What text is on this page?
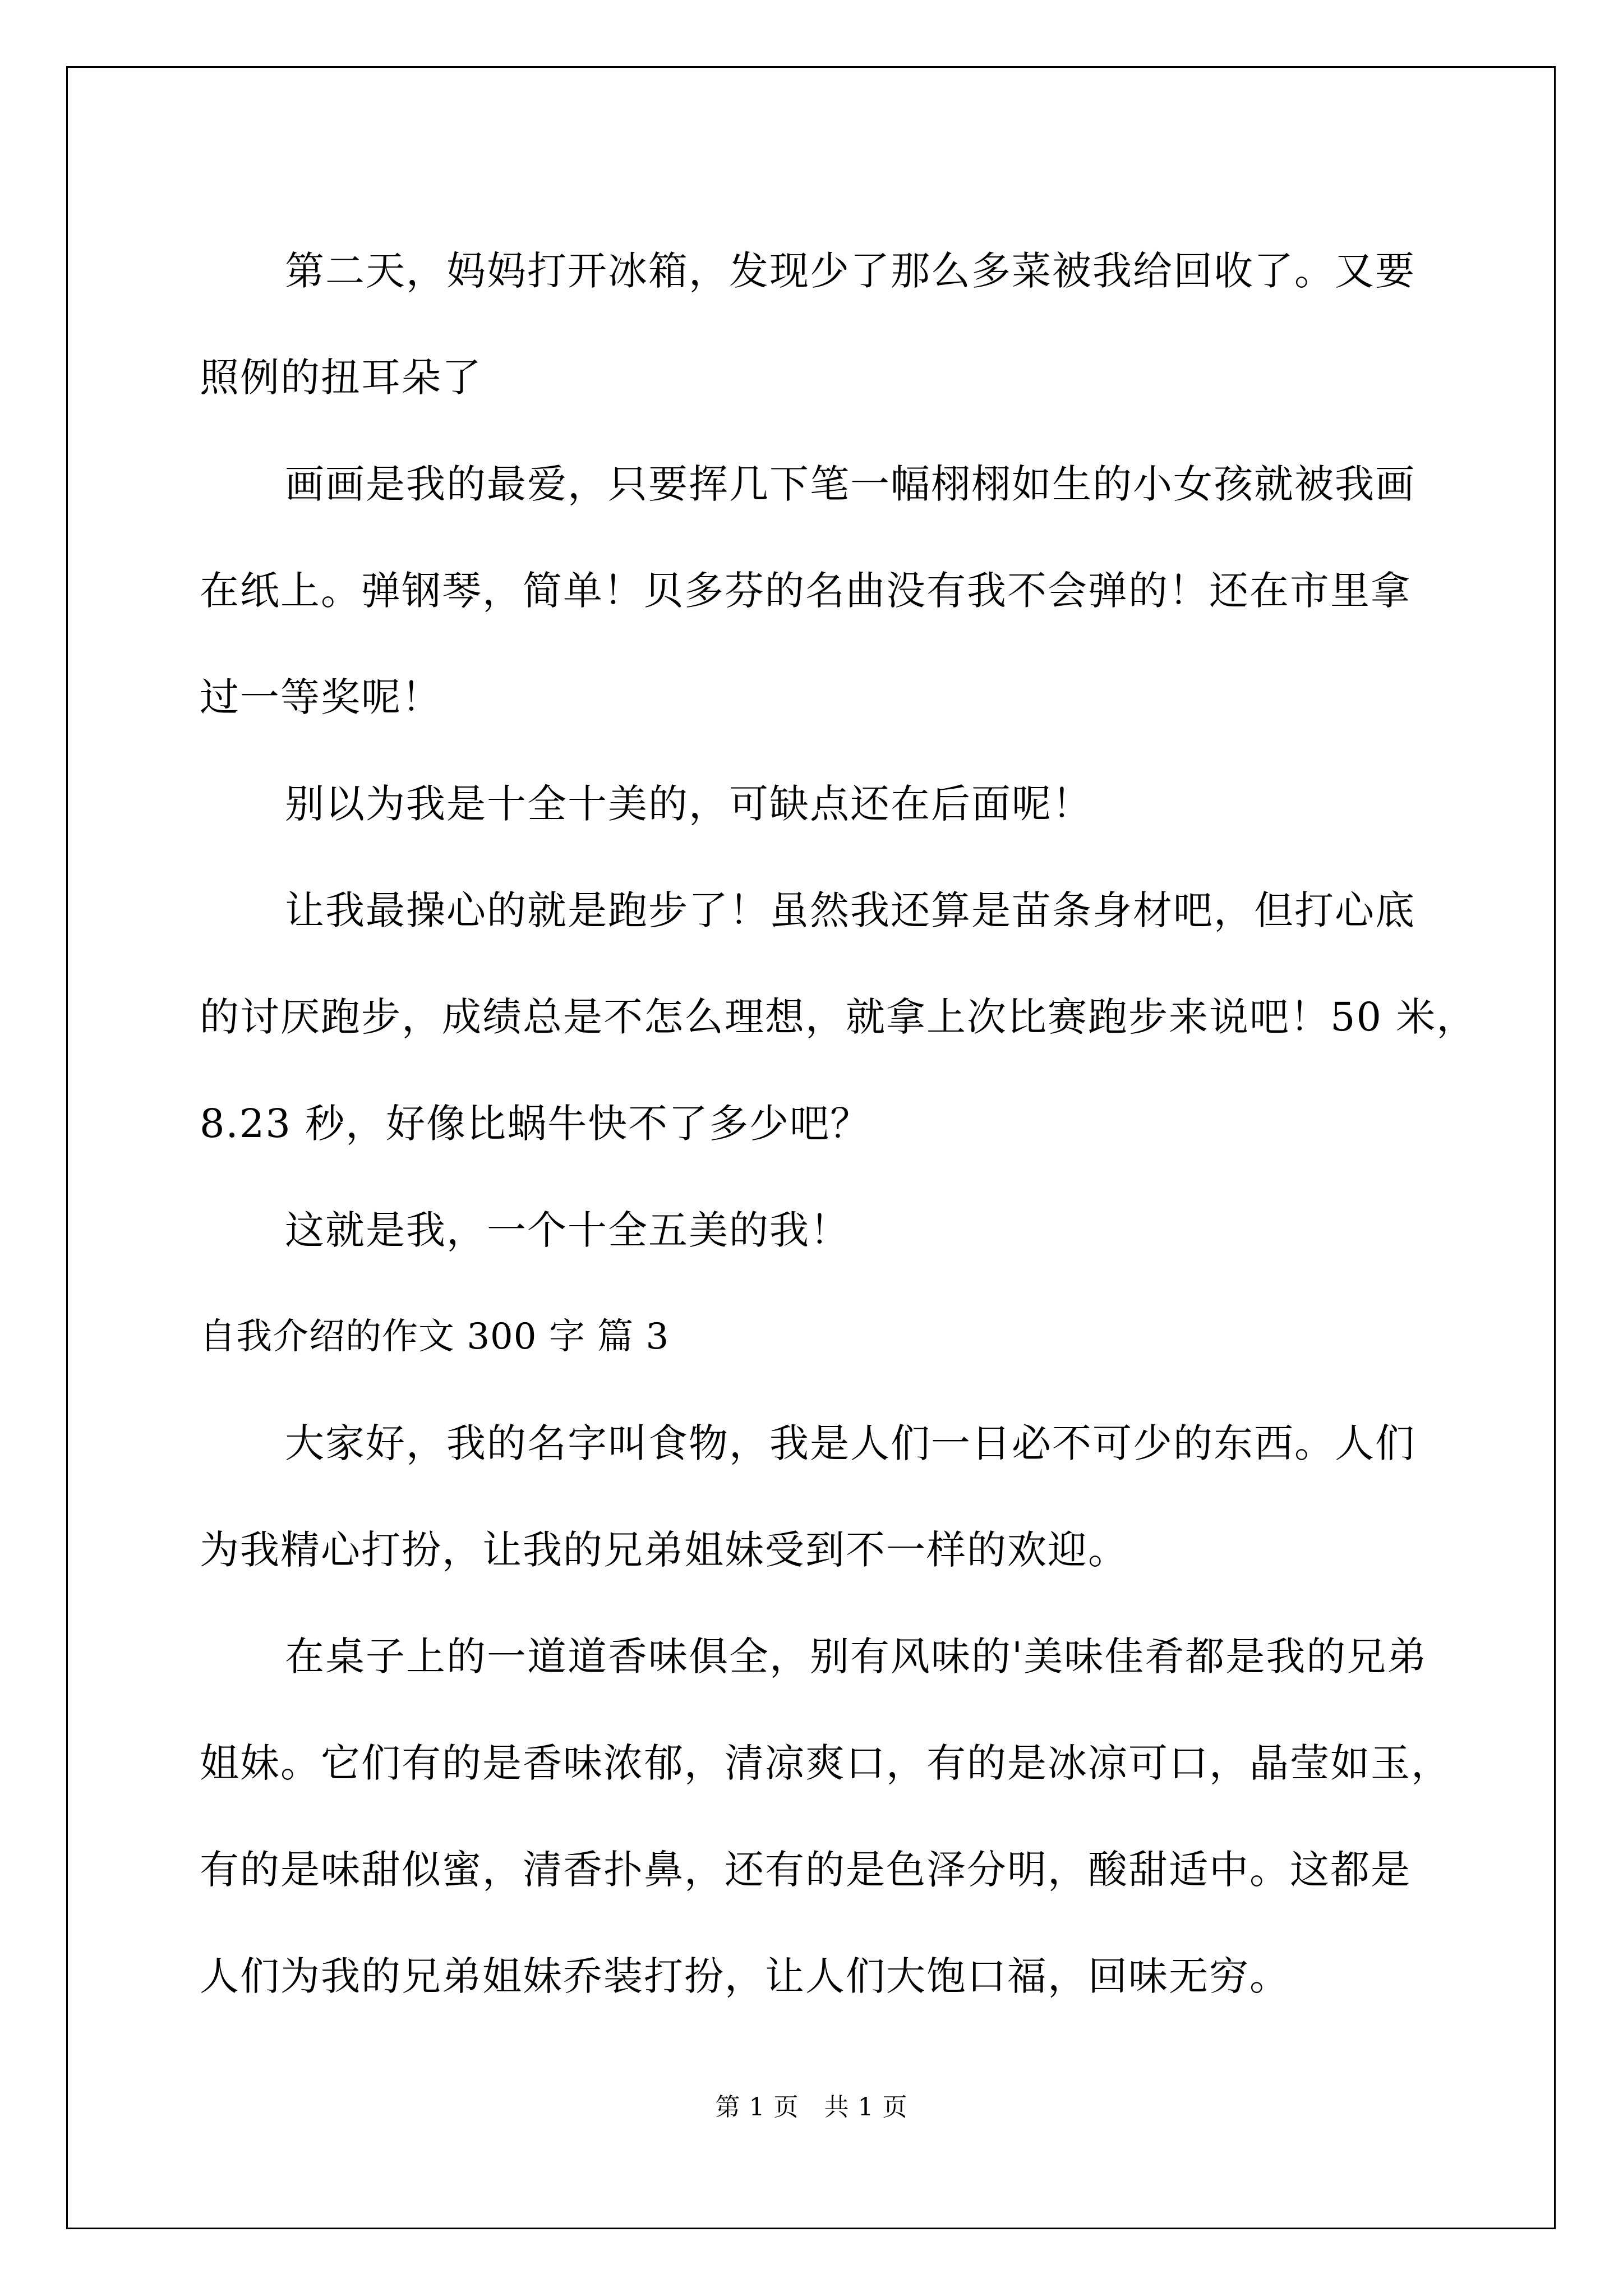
第二天，妈妈打开冰箱，发现少了那么多菜被我给回收了。又要
照例的扭耳朵了

画画是我的最爱，只要挥几下笔一幅栩栩如生的小女孩就被我画
在纸上。弹钢琴，简单！贝多芬的名曲没有我不会弹的！还在市里拿
过一等奖呢！

别以为我是十全十美的，可缺点还在后面呢！

让我最操心的就是跑步了！虽然我还算是苗条身材吧，但打心底
的讨厌跑步，成绩总是不怎么理想，就拿上次比赛跑步来说吧！50 米，
8.23 秒，好像比蜗牛快不了多少吧？

这就是我，一个十全五美的我！

自我介绍的作文 300 字 篇 3

大家好，我的名字叫食物，我是人们一日必不可少的东西。人们
为我精心打扮，让我的兄弟姐妹受到不一样的欢迎。

在桌子上的一道道香味俱全，别有风味的'美味佳肴都是我的兄弟
姐妹。它们有的是香味浓郁，清凉爽口，有的是冰凉可口，晶莹如玉，
有的是味甜似蜜，清香扑鼻，还有的是色泽分明，酸甜适中。这都是
人们为我的兄弟姐妹乔装打扮，让人们大饱口福，回味无穷。

第 1 页   共 1 页
